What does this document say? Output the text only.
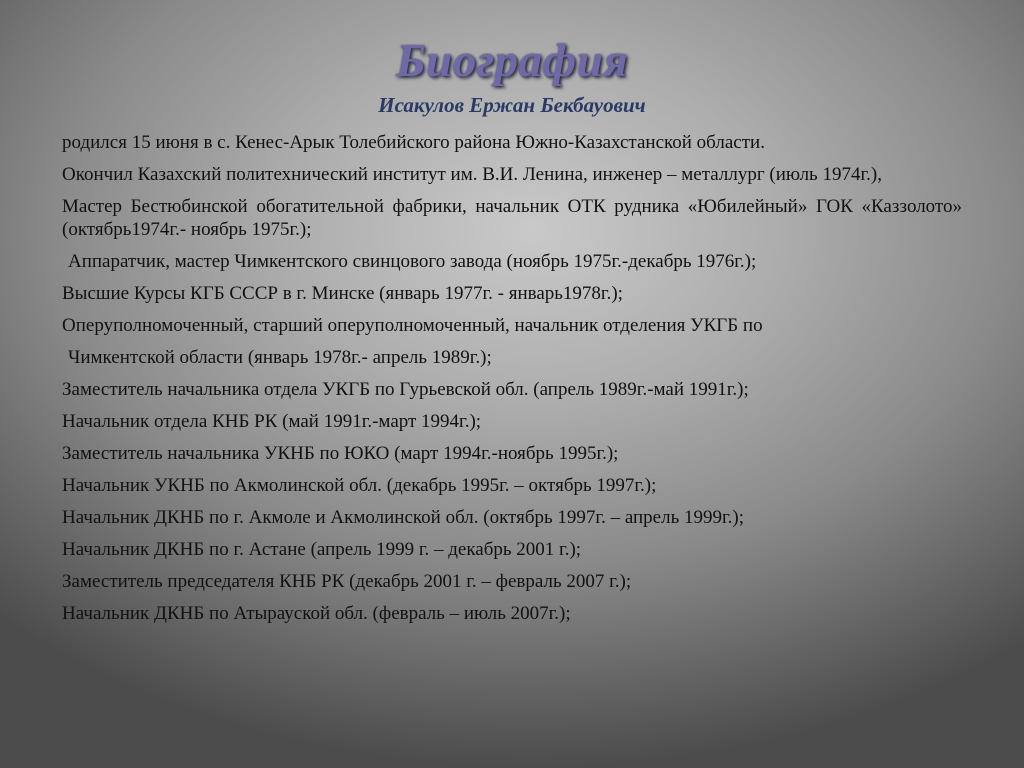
Биография
Исакулов Ержан Бекбауович
родился 15 июня в с. Кенес-Арык Толебийского района Южно-Казахстанской области.
Окончил Казахский политехнический институт им. В.И. Ленина, инженер – металлург (июль 1974г.),
Мастер Бестюбинской обогатительной фабрики, начальник ОТК рудника «Юбилейный» ГОК «Каззолото» (октябрь1974г.- ноябрь 1975г.);
Аппаратчик, мастер Чимкентского свинцового завода (ноябрь 1975г.-декабрь 1976г.);
Высшие Курсы КГБ СССР в г. Минске (январь 1977г. - январь1978г.);
Оперуполномоченный, старший оперуполномоченный, начальник отделения УКГБ по
Чимкентской области (январь 1978г.- апрель 1989г.);
Заместитель начальника отдела УКГБ по Гурьевской обл. (апрель 1989г.-май 1991г.);
Начальник отдела КНБ РК (май 1991г.-март 1994г.);
Заместитель начальника УКНБ по ЮКО (март 1994г.-ноябрь 1995г.);
Начальник УКНБ по Акмолинской обл. (декабрь 1995г. – октябрь 1997г.);
Начальник ДКНБ по г. Акмоле и Акмолинской обл. (октябрь 1997г. – апрель 1999г.);
Начальник ДКНБ по г. Астане (апрель 1999 г. – декабрь 2001 г.);
Заместитель председателя КНБ РК (декабрь 2001 г. – февраль 2007 г.);
Начальник ДКНБ по Атырауской обл. (февраль – июль 2007г.);
